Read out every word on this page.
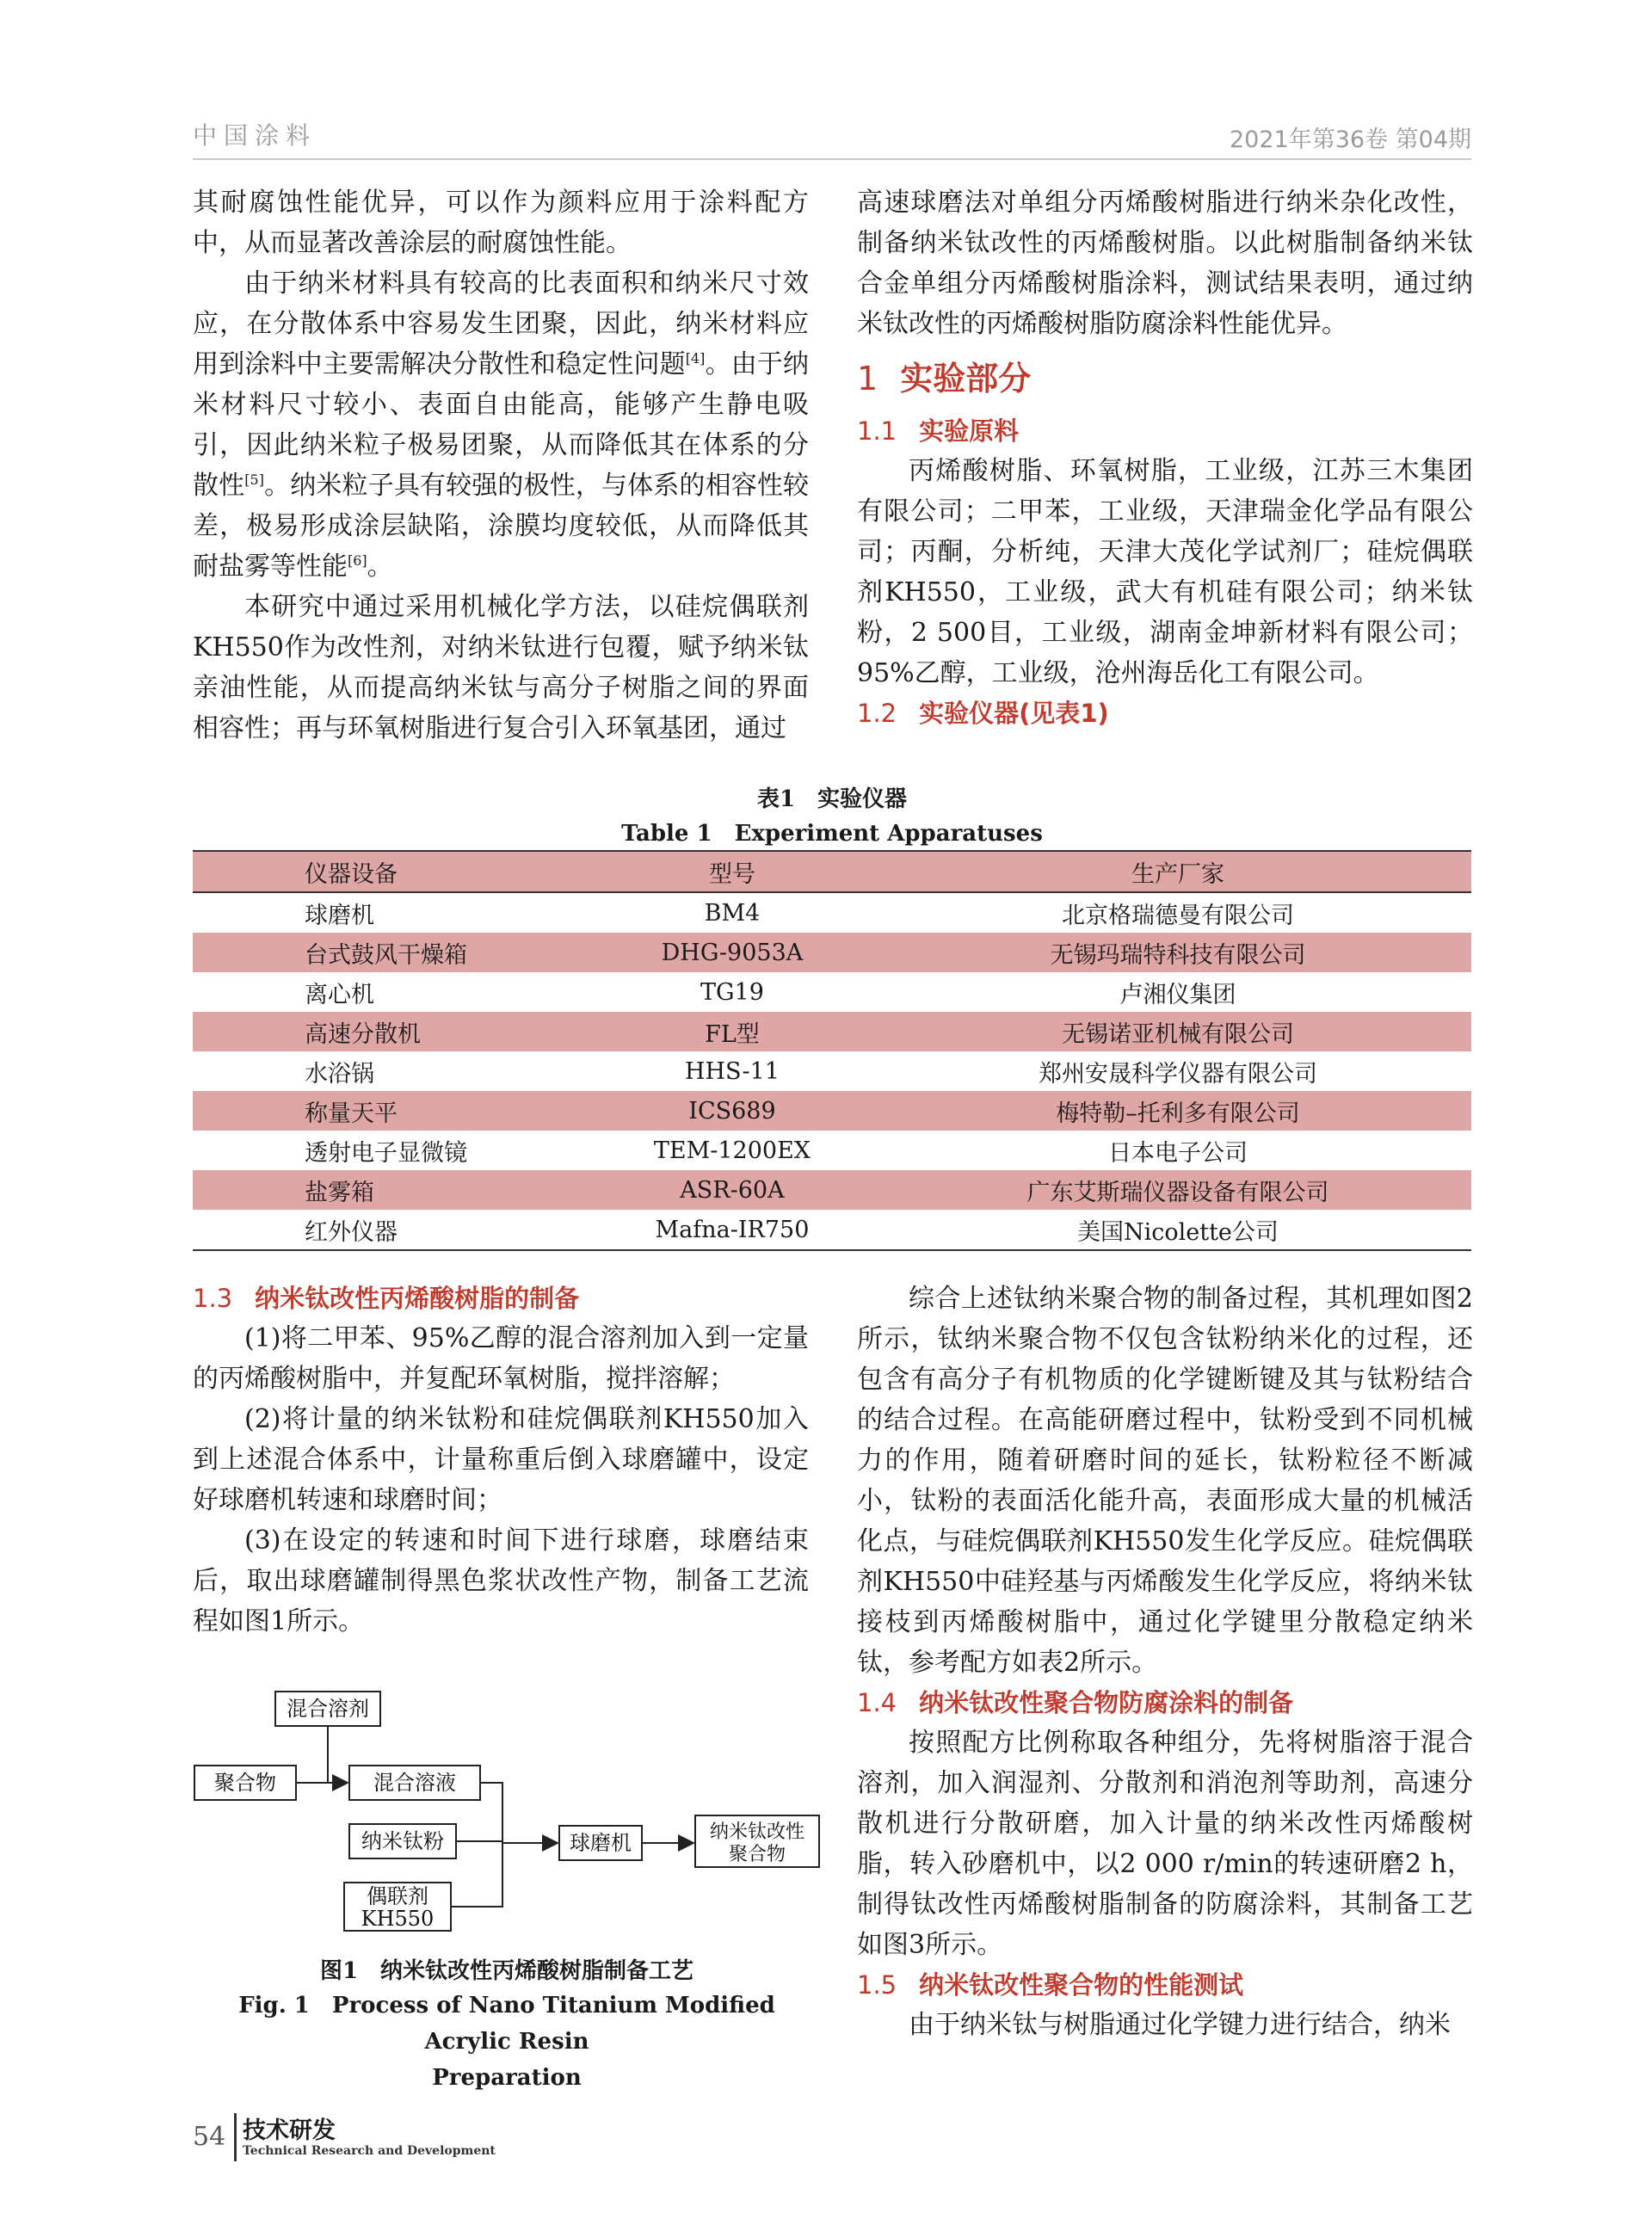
中国涂料	2021年第36卷 第04期

其耐腐蚀性能优异，可以作为颜料应用于涂料配方中，从而显著改善涂层的耐腐蚀性能。

由于纳米材料具有较高的比表面积和纳米尺寸效应，在分散体系中容易发生团聚，因此，纳米材料应用到涂料中主要需解决分散性和稳定性问题[4]。由于纳米材料尺寸较小、表面自由能高，能够产生静电吸引，因此纳米粒子极易团聚，从而降低其在体系的分散性[5]。纳米粒子具有较强的极性，与体系的相容性较差，极易形成涂层缺陷，涂膜均度较低，从而降低其耐盐雾等性能[6]。

本研究中通过采用机械化学方法，以硅烷偶联剂KH550作为改性剂，对纳米钛进行包覆，赋予纳米钛亲油性能，从而提高纳米钛与高分子树脂之间的界面相容性；再与环氧树脂进行复合引入环氧基团，通过

高速球磨法对单组分丙烯酸树脂进行纳米杂化改性，制备纳米钛改性的丙烯酸树脂。以此树脂制备纳米钛合金单组分丙烯酸树脂涂料，测试结果表明，通过纳米钛改性的丙烯酸树脂防腐涂料性能优异。

1 实验部分
1.1 实验原料

丙烯酸树脂、环氧树脂，工业级，江苏三木集团有限公司；二甲苯，工业级，天津瑞金化学品有限公司；丙酮，分析纯，天津大茂化学试剂厂；硅烷偶联剂KH550，工业级，武大有机硅有限公司；纳米钛粉，2 500目，工业级，湖南金坤新材料有限公司；95%乙醇，工业级，沧州海岳化工有限公司。

1.2 实验仪器(见表1)
表1　实验仪器
Table 1　Experiment Apparatuses
仪器设备	型号	生产厂家
球磨机	BM4	北京格瑞德曼有限公司
台式鼓风干燥箱	DHG-9053A	无锡玛瑞特科技有限公司
离心机	TG19	卢湘仪集团
高速分散机	FL型	无锡诺亚机械有限公司
水浴锅	HHS-11	郑州安晟科学仪器有限公司
称量天平	ICS689	梅特勒–托利多有限公司
透射电子显微镜	TEM-1200EX	日本电子公司
盐雾箱	ASR-60A	广东艾斯瑞仪器设备有限公司
红外仪器	Mafna-IR750	美国Nicolette公司
1.3 纳米钛改性丙烯酸树脂的制备

(1)将二甲苯、95%乙醇的混合溶剂加入到一定量的丙烯酸树脂中，并复配环氧树脂，搅拌溶解；

(2)将计量的纳米钛粉和硅烷偶联剂KH550加入到上述混合体系中，计量称重后倒入球磨罐中，设定好球磨机转速和球磨时间；

(3)在设定的转速和时间下进行球磨，球磨结束后，取出球磨罐制得黑色浆状改性产物，制备工艺流程如图1所示。

混合溶剂
聚合物	混合溶液
纳米钛粉
偶联剂
KH550
球磨机	纳米钛改性
聚合物
图1　纳米钛改性丙烯酸树脂制备工艺
Fig. 1　Process of Nano Titanium Modified Acrylic Resin
Preparation

综合上述钛纳米聚合物的制备过程，其机理如图2所示，钛纳米聚合物不仅包含钛粉纳米化的过程，还包含有高分子有机物质的化学键断键及其与钛粉结合的结合过程。在高能研磨过程中，钛粉受到不同机械力的作用，随着研磨时间的延长，钛粉粒径不断减小，钛粉的表面活化能升高，表面形成大量的机械活化点，与硅烷偶联剂KH550发生化学反应。硅烷偶联剂KH550中硅羟基与丙烯酸发生化学反应，将纳米钛接枝到丙烯酸树脂中，通过化学键里分散稳定纳米钛，参考配方如表2所示。

1.4 纳米钛改性聚合物防腐涂料的制备

按照配方比例称取各种组分，先将树脂溶于混合溶剂，加入润湿剂、分散剂和消泡剂等助剂，高速分散机进行分散研磨，加入计量的纳米改性丙烯酸树脂，转入砂磨机中，以2 000 r/min的转速研磨2 h，制得钛改性丙烯酸树脂制备的防腐涂料，其制备工艺如图3所示。

1.5 纳米钛改性聚合物的性能测试

由于纳米钛与树脂通过化学键力进行结合，纳米

54 技术研发
Technical Research and Development
